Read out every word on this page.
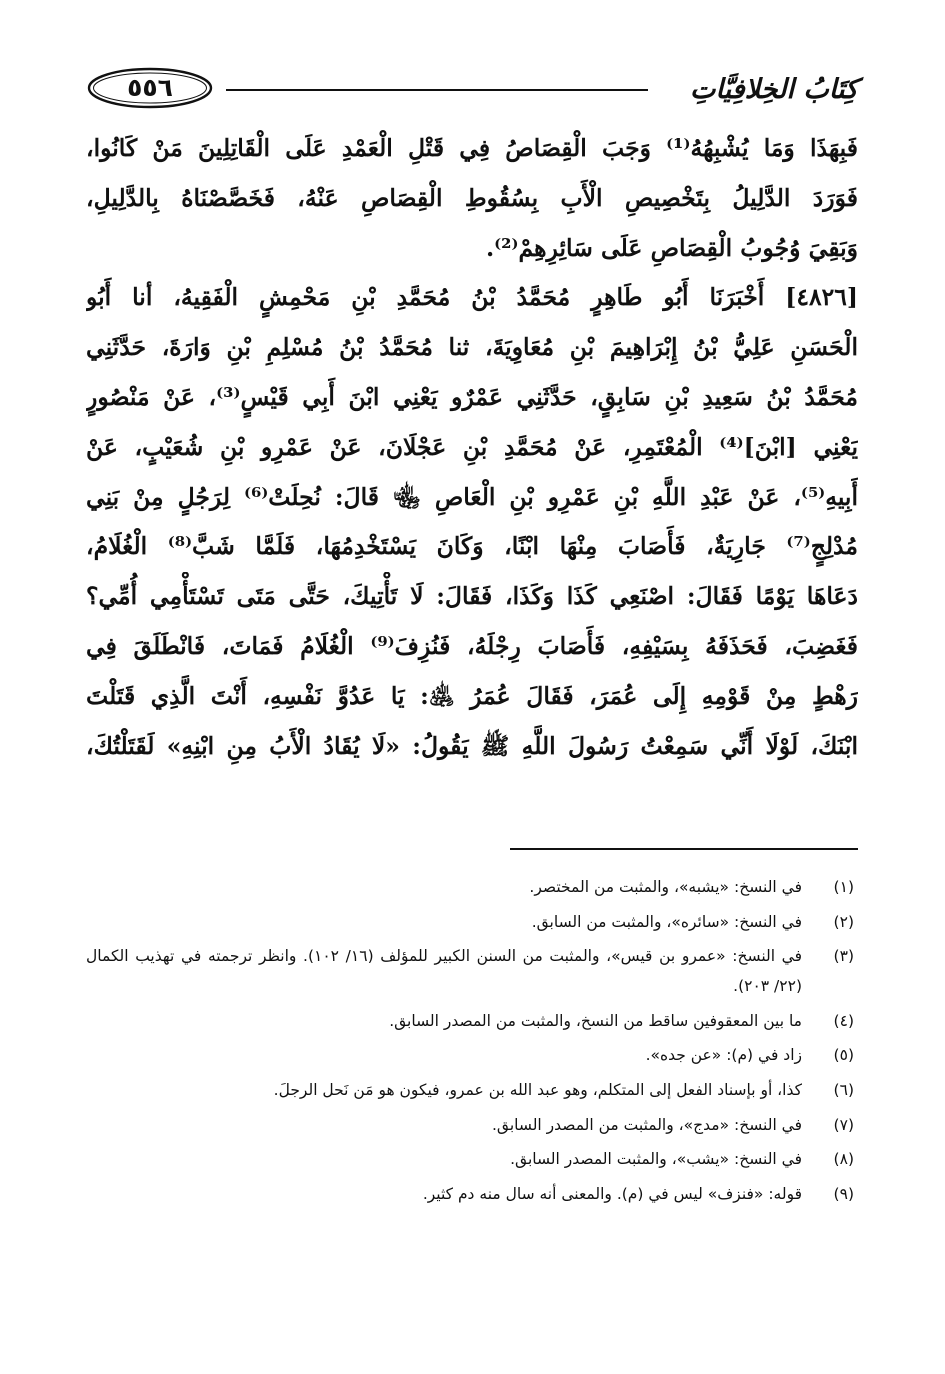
٥٥٦	كِتَابُ الخِلافِيَّاتِ
فَبِهَذَا وَمَا يُشْبِهُهُ⁽¹⁾ وَجَبَ الْقِصَاصُ فِي قَتْلِ الْعَمْدِ عَلَى الْقَاتِلِينَ مَنْ كَانُوا،
فَوَرَدَ الدَّلِيلُ بِتَخْصِيصِ الْأَبِ بِسُقُوطِ الْقِصَاصِ عَنْهُ، فَخَصَّصْنَاهُ بِالدَّلِيلِ،
وَبَقِيَ وُجُوبُ الْقِصَاصِ عَلَى سَائِرِهِمْ⁽²⁾.
[٤٨٢٦] أَخْبَرَنَا أَبُو طَاهِرٍ مُحَمَّدُ بْنُ مُحَمَّدِ بْنِ مَحْمِشٍ الْفَقِيهُ، أنا أَبُو
الْحَسَنِ عَلِيُّ بْنُ إِبْرَاهِيمَ بْنِ مُعَاوِيَةَ، ثنا مُحَمَّدُ بْنُ مُسْلِمِ بْنِ وَارَةَ، حَدَّثَنِي
مُحَمَّدُ بْنُ سَعِيدِ بْنِ سَابِقٍ، حَدَّثَنِي عَمْرٌو يَعْنِي ابْنَ أَبِي قَيْسٍ⁽³⁾، عَنْ مَنْصُورٍ
يَعْنِي [ابْنَ]⁽⁴⁾ الْمُعْتَمِرِ، عَنْ مُحَمَّدِ بْنِ عَجْلَانَ، عَنْ عَمْرِو بْنِ شُعَيْبٍ، عَنْ
أَبِيهِ⁽⁵⁾، عَنْ عَبْدِ اللَّهِ بْنِ عَمْرِو بْنِ الْعَاصِ ﵄ قَالَ: نُحِلَتْ⁽⁶⁾ لِرَجُلٍ مِنْ بَنِي
مُدْلِجٍ⁽⁷⁾ جَارِيَةٌ، فَأَصَابَ مِنْهَا ابْنًا، وَكَانَ يَسْتَخْدِمُهَا، فَلَمَّا شَبَّ⁽⁸⁾ الْغُلَامُ،
دَعَاهَا يَوْمًا فَقَالَ: اصْنَعِي كَذَا وَكَذَا، فَقَالَ: لَا تَأْتِيكَ، حَتَّى مَتَى تَسْتَأْمِي أُمِّي؟
فَغَضِبَ، فَحَذَفَهُ بِسَيْفِهِ، فَأَصَابَ رِجْلَهُ، فَنُزِفَ⁽⁹⁾ الْغُلَامُ فَمَاتَ، فَانْطَلَقَ فِي
رَهْطٍ مِنْ قَوْمِهِ إِلَى عُمَرَ، فَقَالَ عُمَرُ ﵁: يَا عَدُوَّ نَفْسِهِ، أَنْتَ الَّذِي قَتَلْتَ
ابْنَكَ، لَوْلَا أَنِّي سَمِعْتُ رَسُولَ اللَّهِ ﷺ يَقُولُ: «لَا يُقَادُ الْأَبُ مِنِ ابْنِهِ» لَقَتَلْتُكَ،
(١)
في النسخ: «يشبه»، والمثبت من المختصر.
(٢)
في النسخ: «سائره»، والمثبت من السابق.
(٣)
في النسخ: «عمرو بن قيس»، والمثبت من السنن الكبير للمؤلف (١٦/ ١٠٢). وانظر ترجمته في تهذيب الكمال (٢٢/ ٢٠٣).
(٤)
ما بين المعقوفين ساقط من النسخ، والمثبت من المصدر السابق.
(٥)
زاد في (م): «عن جده».
(٦)
كذا، أو بإسناد الفعل إلى المتكلم، وهو عبد الله بن عمرو، فيكون هو مَن نَحل الرجلَ.
(٧)
في النسخ: «مدج»، والمثبت من المصدر السابق.
(٨)
في النسخ: «يشب»، والمثبت المصدر السابق.
(٩)
قوله: «فنزف» ليس في (م). والمعنى أنه سال منه دم كثير.
